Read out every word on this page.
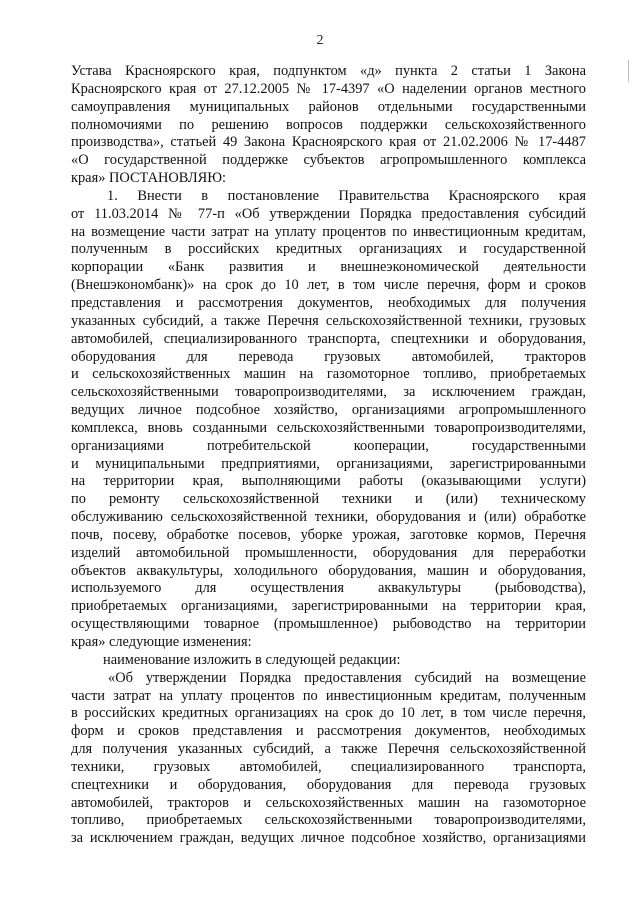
2
Устава Красноярского края, подпунктом «д» пункта 2 статьи 1 Закона
Красноярского края от 27.12.2005 № 17-4397 «О наделении органов местного
самоуправления муниципальных районов отдельными государственными
полномочиями по решению вопросов поддержки сельскохозяйственного
производства», статьей 49 Закона Красноярского края от 21.02.2006 № 17-4487
«О государственной поддержке субъектов агропромышленного комплекса
края» ПОСТАНОВЛЯЮ:
1. Внести в постановление Правительства Красноярского края
от 11.03.2014 № 77-п «Об утверждении Порядка предоставления субсидий
на возмещение части затрат на уплату процентов по инвестиционным кредитам,
полученным в российских кредитных организациях и государственной
корпорации «Банк развития и внешнеэкономической деятельности
(Внешэкономбанк)» на срок до 10 лет, в том числе перечня, форм и сроков
представления и рассмотрения документов, необходимых для получения
указанных субсидий, а также Перечня сельскохозяйственной техники, грузовых
автомобилей, специализированного транспорта, спецтехники и оборудования,
оборудования для перевода грузовых автомобилей, тракторов
и сельскохозяйственных машин на газомоторное топливо, приобретаемых
сельскохозяйственными товаропроизводителями, за исключением граждан,
ведущих личное подсобное хозяйство, организациями агропромышленного
комплекса, вновь созданными сельскохозяйственными товаропроизводителями,
организациями потребительской кооперации, государственными
и муниципальными предприятиями, организациями, зарегистрированными
на территории края, выполняющими работы (оказывающими услуги)
по ремонту сельскохозяйственной техники и (или) техническому
обслуживанию сельскохозяйственной техники, оборудования и (или) обработке
почв, посеву, обработке посевов, уборке урожая, заготовке кормов, Перечня
изделий автомобильной промышленности, оборудования для переработки
объектов аквакультуры, холодильного оборудования, машин и оборудования,
используемого для осуществления аквакультуры (рыбоводства),
приобретаемых организациями, зарегистрированными на территории края,
осуществляющими товарное (промышленное) рыбоводство на территории
края» следующие изменения:
наименование изложить в следующей редакции:
«Об утверждении Порядка предоставления субсидий на возмещение
части затрат на уплату процентов по инвестиционным кредитам, полученным
в российских кредитных организациях на срок до 10 лет, в том числе перечня,
форм и сроков представления и рассмотрения документов, необходимых
для получения указанных субсидий, а также Перечня сельскохозяйственной
техники, грузовых автомобилей, специализированного транспорта,
спецтехники и оборудования, оборудования для перевода грузовых
автомобилей, тракторов и сельскохозяйственных машин на газомоторное
топливо, приобретаемых сельскохозяйственными товаропроизводителями,
за исключением граждан, ведущих личное подсобное хозяйство, организациями
